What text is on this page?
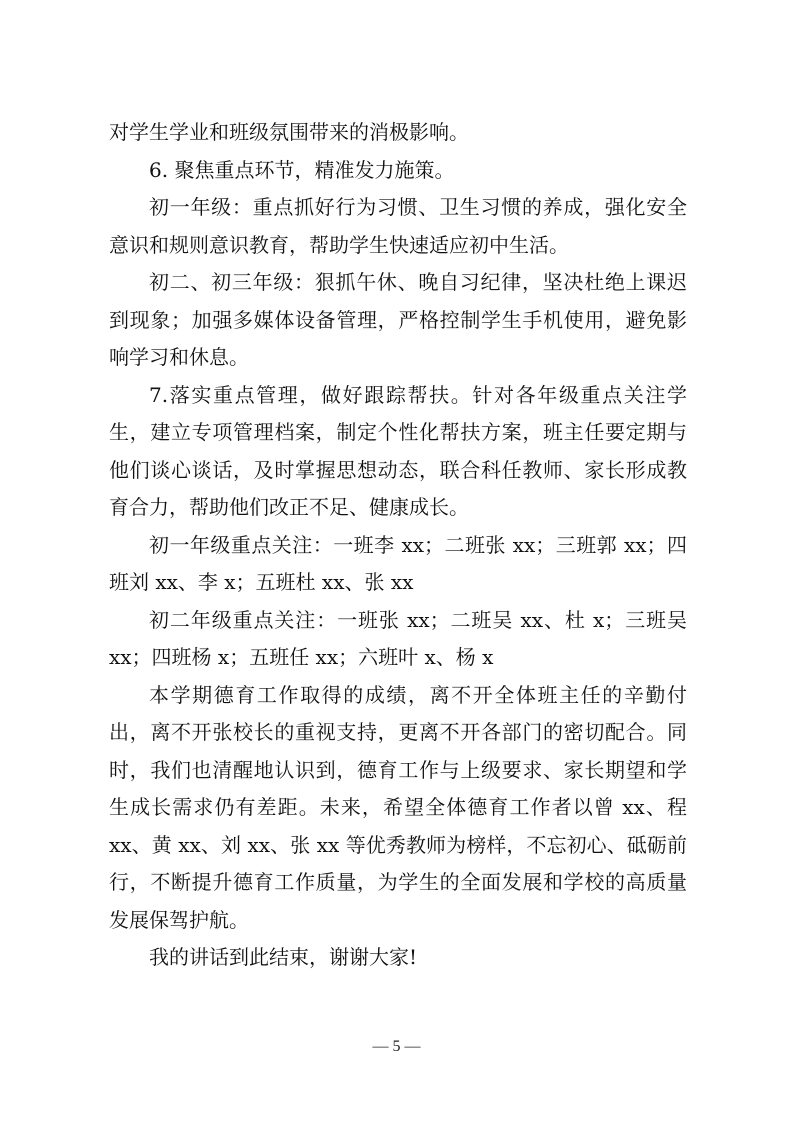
对学生学业和班级氛围带来的消极影响。

6. 聚焦重点环节，精准发力施策。

初一年级：重点抓好行为习惯、卫生习惯的养成，强化安全意识和规则意识教育，帮助学生快速适应初中生活。

初二、初三年级：狠抓午休、晚自习纪律，坚决杜绝上课迟到现象；加强多媒体设备管理，严格控制学生手机使用，避免影响学习和休息。

7.落实重点管理，做好跟踪帮扶。针对各年级重点关注学生，建立专项管理档案，制定个性化帮扶方案，班主任要定期与他们谈心谈话，及时掌握思想动态，联合科任教师、家长形成教育合力，帮助他们改正不足、健康成长。

初一年级重点关注：一班李 xx；二班张 xx；三班郭 xx；四班刘 xx、李 x；五班杜 xx、张 xx

初二年级重点关注：一班张 xx；二班吴 xx、杜 x；三班吴 xx；四班杨 x；五班任 xx；六班叶 x、杨 x

本学期德育工作取得的成绩，离不开全体班主任的辛勤付出，离不开张校长的重视支持，更离不开各部门的密切配合。同时，我们也清醒地认识到，德育工作与上级要求、家长期望和学生成长需求仍有差距。未来，希望全体德育工作者以曾 xx、程 xx、黄 xx、刘 xx、张 xx 等优秀教师为榜样，不忘初心、砥砺前行，不断提升德育工作质量，为学生的全面发展和学校的高质量发展保驾护航。

我的讲话到此结束，谢谢大家!

— 5 —
